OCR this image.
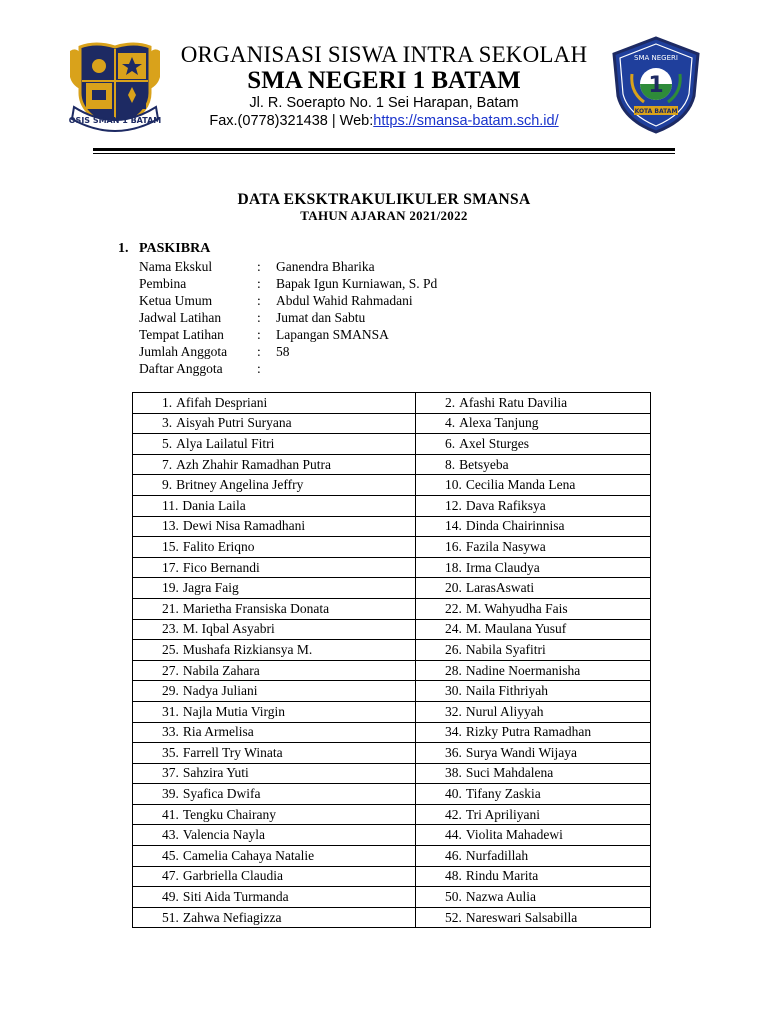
OSIS SMAN 1 BATAM
SMA NEGERI
1
KOTA BATAM
ORGANISASI SISWA INTRA SEKOLAH
SMA NEGERI 1 BATAM
Jl. R. Soerapto No. 1 Sei Harapan, Batam
Fax.(0778)321438 | Web:https://smansa-batam.sch.id/
DATA EKSKTRAKULIKULER SMANSA
TAHUN AJARAN 2021/2022
1. PASKIBRA
Nama Ekskul	: Ganendra Bharika
Pembina	: Bapak Igun Kurniawan, S. Pd
Ketua Umum	: Abdul Wahid Rahmadani
Jadwal Latihan	: Jumat dan Sabtu
Tempat Latihan : Lapangan SMANSA
Jumlah Anggota : 58
Daftar Anggota	:
1. Afifah Despriani	2. Afashi Ratu Davilia
3. Aisyah Putri Suryana	4. Alexa Tanjung
5. Alya Lailatul Fitri	6. Axel Sturges
7. Azh Zhahir Ramadhan Putra	8. Betsyeba
9. Britney Angelina Jeffry	10. Cecilia Manda Lena
11. Dania Laila	12. Dava Rafiksya
13. Dewi Nisa Ramadhani	14. Dinda Chairinnisa
15. Falito Eriqno	16. Fazila Nasywa
17. Fico Bernandi	18. Irma Claudya
19. Jagra Faig	20. LarasAswati
21. Marietha Fransiska Donata	22. M. Wahyudha Fais
23. M. Iqbal Asyabri	24. M. Maulana Yusuf
25. Mushafa Rizkiansya M.	26. Nabila Syafitri
27. Nabila Zahara	28. Nadine Noermanisha
29. Nadya Juliani	30. Naila Fithriyah
31. Najla Mutia Virgin	32. Nurul Aliyyah
33. Ria Armelisa	34. Rizky Putra Ramadhan
35. Farrell Try Winata	36. Surya Wandi Wijaya
37. Sahzira Yuti	38. Suci Mahdalena
39. Syafica Dwifa	40. Tifany Zaskia
41. Tengku Chairany	42. Tri Apriliyani
43. Valencia Nayla	44. Violita Mahadewi
45. Camelia Cahaya Natalie	46. Nurfadillah
47. Garbriella Claudia	48. Rindu Marita
49. Siti Aida Turmanda	50. Nazwa Aulia
51. Zahwa Nefiagizza	52. Nareswari Salsabilla
